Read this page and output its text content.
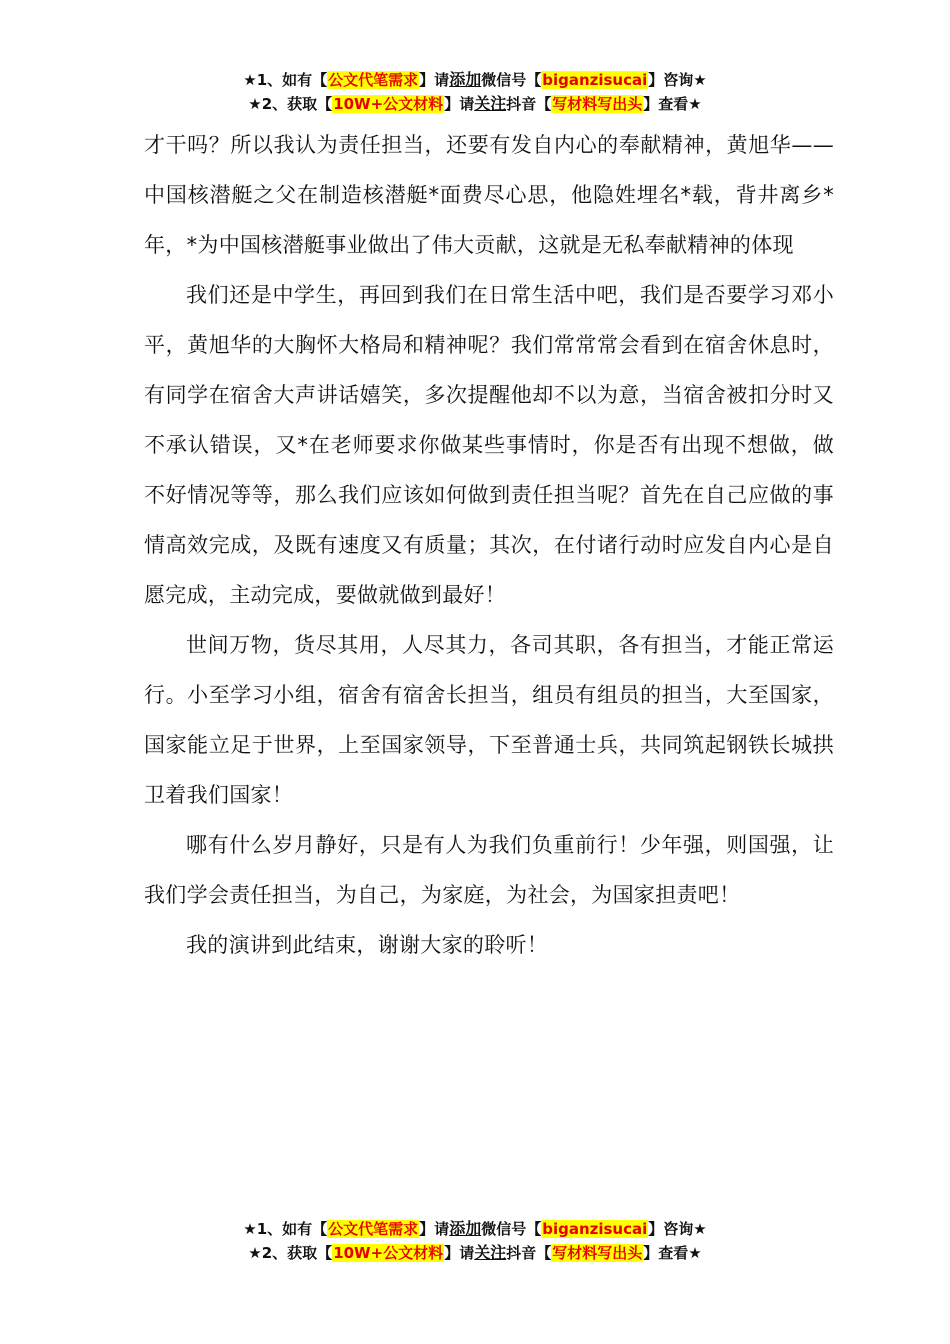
★1、如有【公文代笔需求】请添加微信号【biganzisucai】咨询★
★2、获取【10W+公文材料】请关注抖音【写材料写出头】查看★

才干吗？所以我认为责任担当，还要有发自内心的奉献精神，黄旭华——中国核潜艇之父在制造核潜艇*面费尽心思，他隐姓埋名*载，背井离乡*年，*为中国核潜艇事业做出了伟大贡献，这就是无私奉献精神的体现

我们还是中学生，再回到我们在日常生活中吧，我们是否要学习邓小平，黄旭华的大胸怀大格局和精神呢？我们常常常会看到在宿舍休息时，有同学在宿舍大声讲话嬉笑，多次提醒他却不以为意，当宿舍被扣分时又不承认错误，又*在老师要求你做某些事情时，你是否有出现不想做，做不好情况等等，那么我们应该如何做到责任担当呢？首先在自己应做的事情高效完成，及既有速度又有质量；其次，在付诸行动时应发自内心是自愿完成，主动完成，要做就做到最好！

世间万物，货尽其用，人尽其力，各司其职，各有担当，才能正常运行。小至学习小组，宿舍有宿舍长担当，组员有组员的担当，大至国家，国家能立足于世界，上至国家领导，下至普通士兵，共同筑起钢铁长城拱卫着我们国家！

哪有什么岁月静好，只是有人为我们负重前行！少年强，则国强，让我们学会责任担当，为自己，为家庭，为社会，为国家担责吧！

我的演讲到此结束，谢谢大家的聆听！

★1、如有【公文代笔需求】请添加微信号【biganzisucai】咨询★
★2、获取【10W+公文材料】请关注抖音【写材料写出头】查看★
